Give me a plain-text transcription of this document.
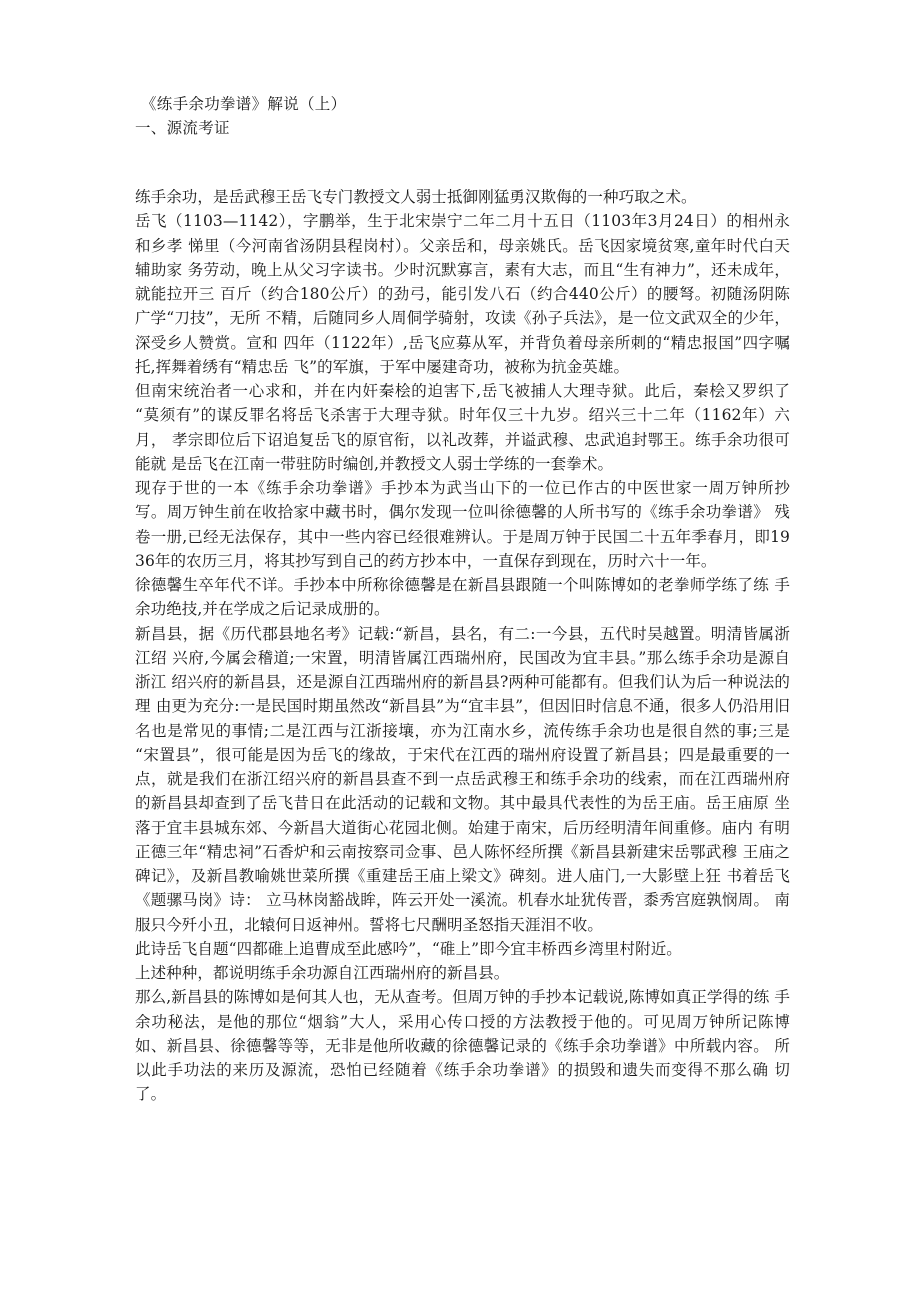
《练手余功拳谱》解说（上）
一、源流考证

练手余功，是岳武穆王岳飞专门教授文人弱士抵御刚猛勇汉欺侮的一种巧取之术。

岳飞（1103—1142），字鹏举，生于北宋崇宁二年二月十五日（1103年3月24日）的相州永和乡孝 悌里（今河南省汤阴县程岗村）。父亲岳和，母亲姚氏。岳飞因家境贫寒,童年时代白天辅助家 务劳动，晚上从父习字读书。少时沉默寡言，素有大志，而且“生有神力”，还未成年，就能拉开三 百斤（约合180公斤）的劲弓，能引发八石（约合440公斤）的腰弩。初随汤阴陈广学“刀技”，无所 不精，后随同乡人周侗学骑射，攻读《孙子兵法》，是一位文武双全的少年，深受乡人赞赏。宣和 四年（1122年）,岳飞应募从军，并背负着母亲所刺的“精忠报国”四字嘱托,挥舞着绣有“精忠岳 飞”的军旗，于军中屡建奇功，被称为抗金英雄。

但南宋统治者一心求和，并在内奸秦桧的迫害下,岳飞被捕人大理寺狱。此后，秦桧又罗织了 “莫须有”的谋反罪名将岳飞杀害于大理寺狱。时年仅三十九岁。绍兴三十二年（1162年）六月， 孝宗即位后下诏追复岳飞的原官衔，以礼改葬，并谥武穆、忠武追封鄂王。练手余功很可能就 是岳飞在江南一带驻防时编创,并教授文人弱士学练的一套拳术。

现存于世的一本《练手余功拳谱》手抄本为武当山下的一位已作古的中医世家一周万钟所抄写。周万钟生前在收拾家中藏书时，偶尔发现一位叫徐德馨的人所书写的《练手余功拳谱》 残卷一册,已经无法保存，其中一些内容已经很难辨认。于是周万钟于民国二十五年季春月，即1936年的农历三月，将其抄写到自己的药方抄本中，一直保存到现在，历时六十一年。

徐德馨生卒年代不详。手抄本中所称徐德馨是在新昌县跟随一个叫陈博如的老拳师学练了练 手余功绝技,并在学成之后记录成册的。

新昌县，据《历代郡县地名考》记载:“新昌，县名，有二:一今县，五代时吴越置。明清皆属浙江绍 兴府,今属会稽道;一宋置，明清皆属江西瑞州府，民国改为宜丰县。”那么练手余功是源自浙江 绍兴府的新昌县，还是源自江西瑞州府的新昌县?两种可能都有。但我们认为后一种说法的理 由更为充分:一是民国时期虽然改“新昌县”为“宜丰县”，但因旧时信息不通，很多人仍沿用旧 名也是常见的事情;二是江西与江浙接壤，亦为江南水乡，流传练手余功也是很自然的事;三是 “宋置县”，很可能是因为岳飞的缘故，于宋代在江西的瑞州府设置了新昌县；四是最重要的一 点，就是我们在浙江绍兴府的新昌县查不到一点岳武穆王和练手余功的线索，而在江西瑞州府 的新昌县却查到了岳飞昔日在此活动的记载和文物。其中最具代表性的为岳王庙。岳王庙原 坐落于宜丰县城东郊、今新昌大道街心花园北侧。始建于南宋，后历经明清年间重修。庙内 有明正德三年“精忠祠”石香炉和云南按察司佥事、邑人陈怀经所撰《新昌县新建宋岳鄂武穆 王庙之碑记》，及新昌教喻姚世菜所撰《重建岳王庙上梁文》碑刻。进人庙门,一大影壁上狂 书着岳飞《题骡马岗》诗： 立马林岗豁战眸，阵云开处一溪流。机春水址犹传晋，黍秀宫庭孰悯周。 南服只今歼小丑，北辕何日返神州。誓将七尺酬明圣怒指天涯泪不收。

此诗岳飞自题“四都碓上追曹成至此感吟”，“碓上”即今宜丰桥西乡湾里村附近。

上述种种，都说明练手余功源自江西瑞州府的新昌县。

那么,新昌县的陈博如是何其人也，无从查考。但周万钟的手抄本记载说,陈博如真正学得的练 手余功秘法，是他的那位“烟翁”大人，采用心传口授的方法教授于他的。可见周万钟所记陈博 如、新昌县、徐德馨等等，无非是他所收藏的徐德馨记录的《练手余功拳谱》中所载内容。 所以此手功法的来历及源流，恐怕已经随着《练手余功拳谱》的损毁和遗失而变得不那么确 切了。
